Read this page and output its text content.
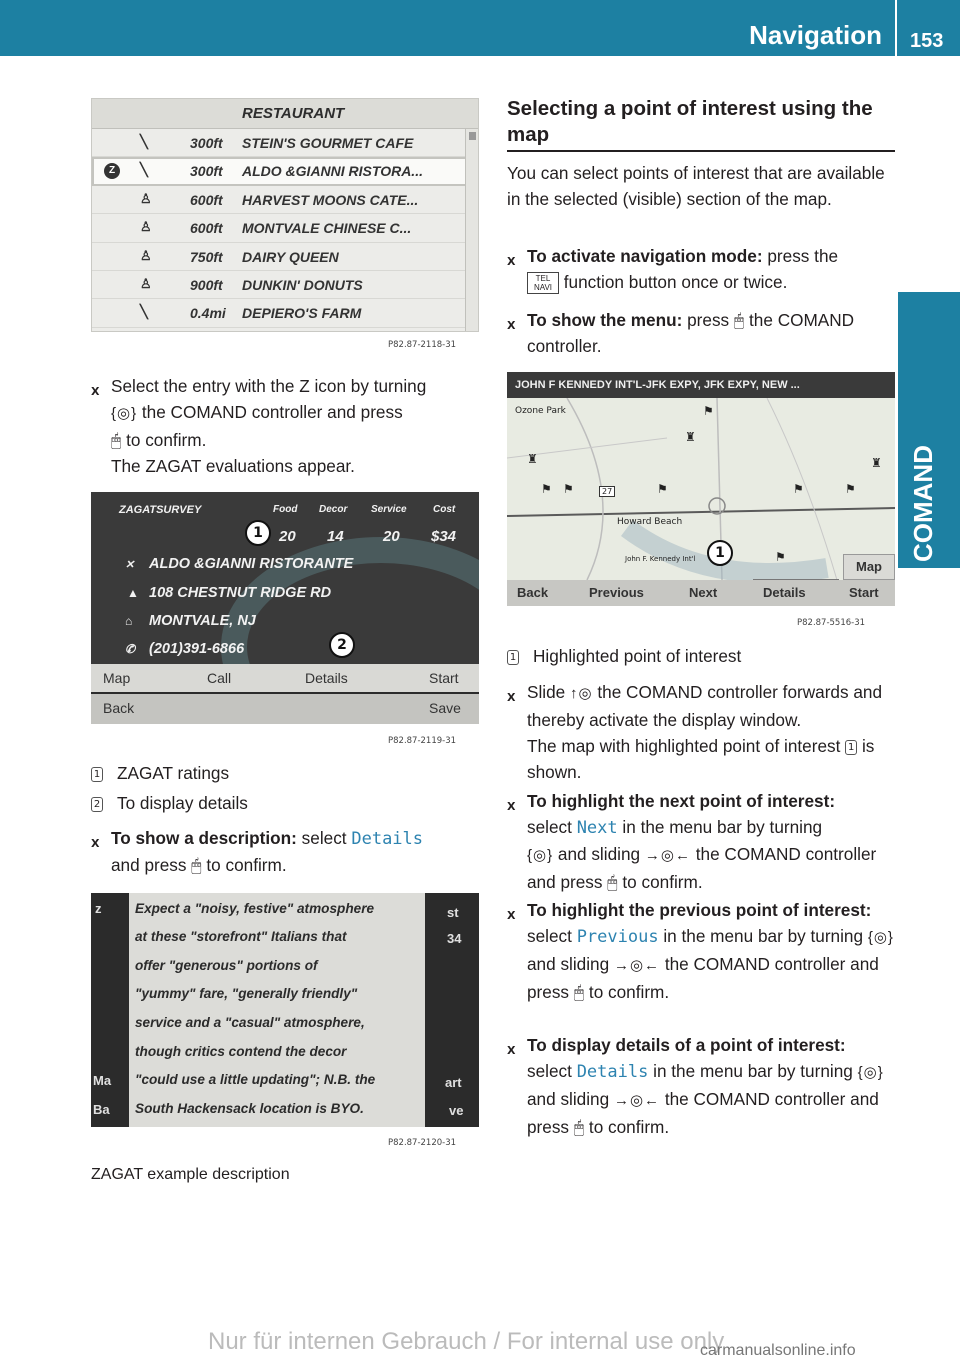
Navigation 153
COMAND
RESTAURANT
╲	300ft STEIN'S GOURMET CAFE
Z	╲	300ft ALDO &GIANNI RISTORA...
♙	600ft HARVEST MOONS CATE...
♙	600ft MONTVALE CHINESE C...
♙	750ft DAIRY QUEEN
♙	900ft DUNKIN' DONUTS
╲	0.4mi DEPIERO'S FARM
P82.87-2118-31
X Select the entry with the Z icon by turning
{◎} the COMAND controller and press
🖱 to confirm.
The ZAGAT evaluations appear.
ZAGATSURVEY	Food Decor Service	Cost
20 14	20 $34
✕ ALDO &GIANNI RISTORANTE
▲ 108 CHESTNUT RIDGE RD
⌂ MONTVALE, NJ
✆ (201)391-6866
1
2
Map	Call	Details	Start
Back	Save
P82.87-2119-31
1 ZAGAT ratings
2 To display details
X To show a description: select Details
and press 🖱 to confirm.
z
Ma
Ba
st
34
art
ve
Expect a "noisy, festive" atmosphere
at these "storefront" Italians that
offer "generous" portions of
"yummy" fare, "generally friendly"
service and a "casual" atmosphere,
though critics contend the decor
"could use a little updating"; N.B. the
South Hackensack location is BYO.
P82.87-2120-31
ZAGAT example description
Selecting a point of interest using the map
You can select points of interest that are available in the selected (visible) section of the map.
X To activate navigation mode: press the
TEL NAVI function button once or twice.
X To show the menu: press 🖱 the COMAND controller.
JOHN F KENNEDY INT'L-JFK EXPY, JFK EXPY, NEW ...
Ozone Park
Howard Beach
John F. Kennedy Int'l
27
⚑
♜
♜
⚑ ⚑	⚑	⚑	⚑
♜
⚑
1
Map
Back	Previous	Next	Details	Start
P82.87-5516-31
1 Highlighted point of interest
X Slide ↑◎ the COMAND controller forwards and thereby activate the display window.
The map with highlighted point of interest 1 is shown.
X To highlight the next point of interest:
select Next in the menu bar by turning
{◎} and sliding →◎← the COMAND controller and press 🖱 to confirm.
X To highlight the previous point of interest: select Previous in the menu bar by turning {◎} and sliding →◎← the COMAND controller and press 🖱 to confirm.
X To display details of a point of interest:
select Details in the menu bar by turning {◎} and sliding →◎← the COMAND controller and press 🖱 to confirm.
Nur für internen Gebrauch / For internal use only
carmanualsonline.info
